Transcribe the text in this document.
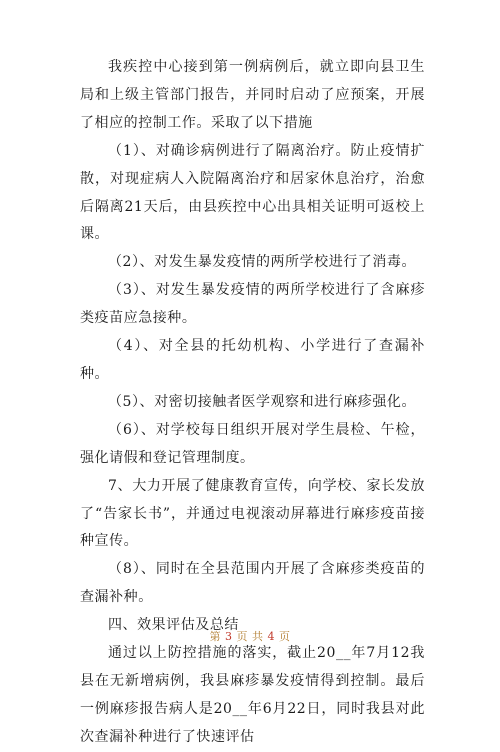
我疾控中心接到第一例病例后，就立即向县卫生局和上级主管部门报告，并同时启动了应预案，开展了相应的控制工作。采取了以下措施

（1）、对确诊病例进行了隔离治疗。防止疫情扩散，对现症病人入院隔离治疗和居家休息治疗，治愈后隔离21天后，由县疾控中心出具相关证明可返校上课。

（2）、对发生暴发疫情的两所学校进行了消毒。

（3）、对发生暴发疫情的两所学校进行了含麻疹类疫苗应急接种。

（4）、对全县的托幼机构、小学进行了查漏补种。

（5）、对密切接触者医学观察和进行麻疹强化。

（6）、对学校每日组织开展对学生晨检、午检，强化请假和登记管理制度。

7、大力开展了健康教育宣传，向学校、家长发放了“告家长书”，并通过电视滚动屏幕进行麻疹疫苗接种宣传。

（8）、同时在全县范围内开展了含麻疹类疫苗的查漏补种。

四、效果评估及总结

通过以上防控措施的落实，截止20__年7月12我县在无新增病例，我县麻疹暴发疫情得到控制。最后一例麻疹报告病人是20__年6月22日，同时我县对此次查漏补种进行了快速评估

第 3 页 共 4 页
